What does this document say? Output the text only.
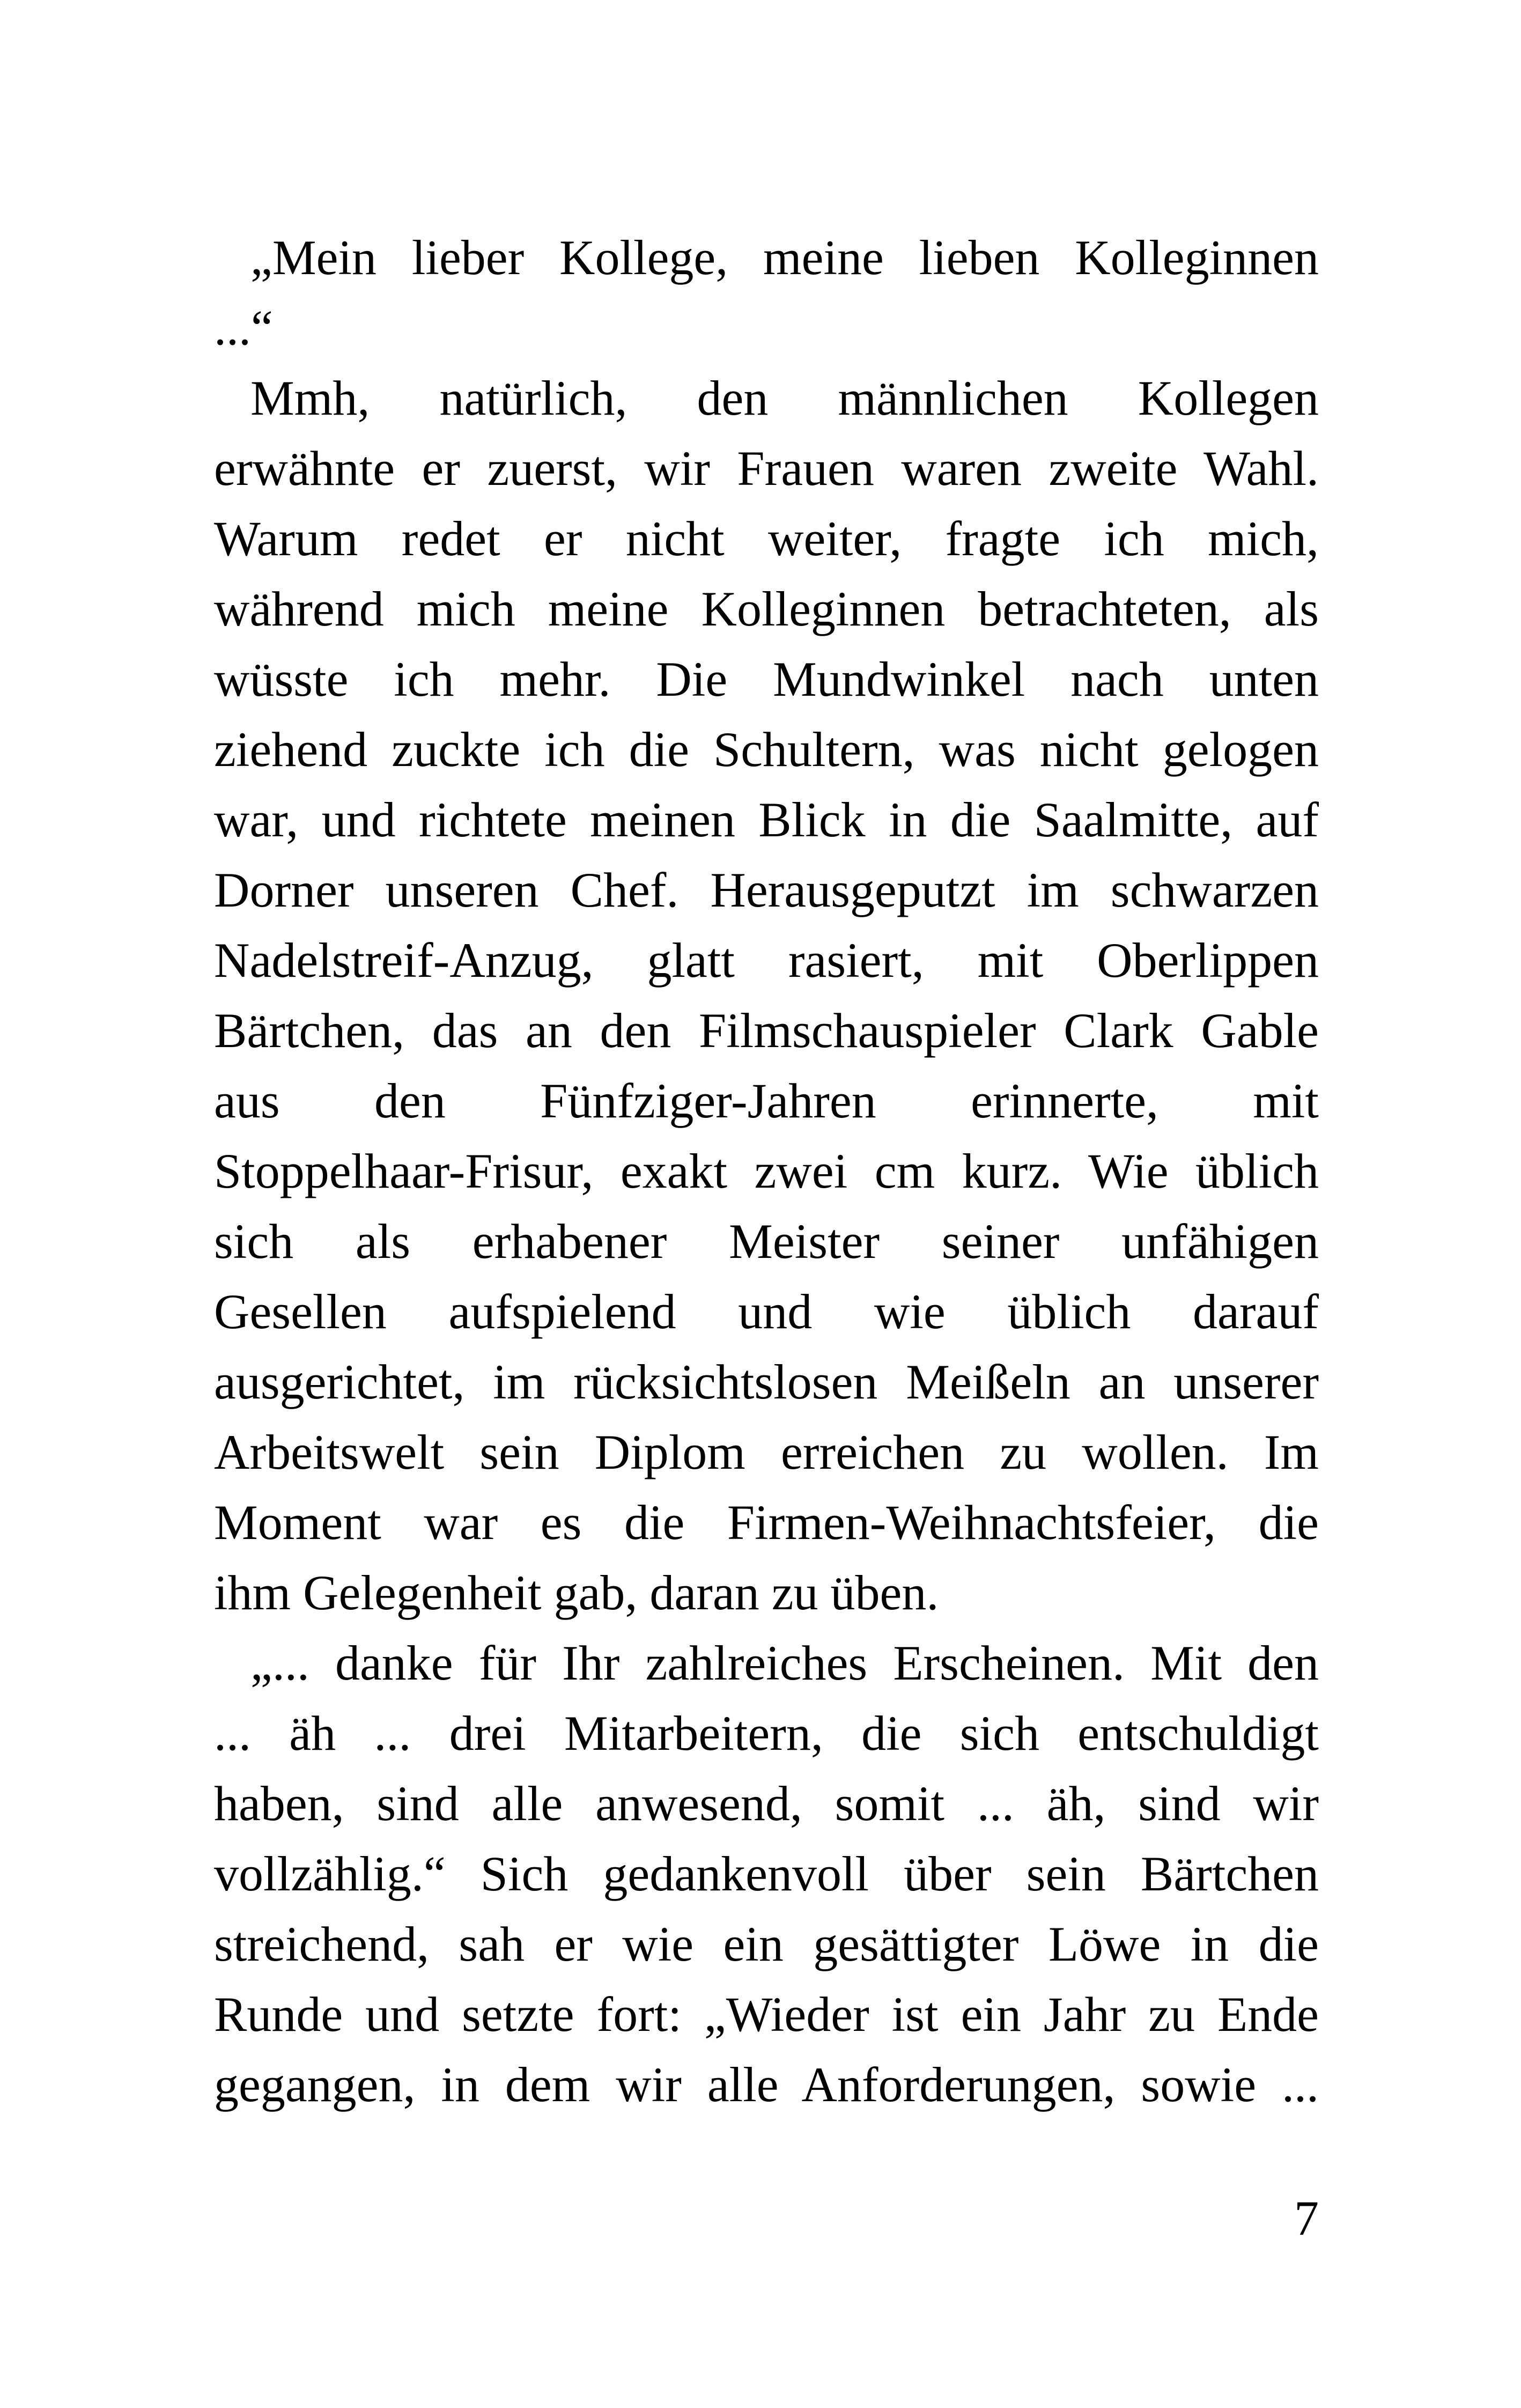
„Mein lieber Kollege, meine lieben Kolleginnen
...“
Mmh, natürlich, den männlichen Kollegen
erwähnte er zuerst, wir Frauen waren zweite Wahl.
Warum redet er nicht weiter, fragte ich mich,
während mich meine Kolleginnen betrachteten, als
wüsste ich mehr. Die Mundwinkel nach unten
ziehend zuckte ich die Schultern, was nicht gelogen
war, und richtete meinen Blick in die Saalmitte, auf
Dorner unseren Chef. Herausgeputzt im schwarzen
Nadelstreif-Anzug, glatt rasiert, mit Oberlippen
Bärtchen, das an den Filmschauspieler Clark Gable
aus den Fünfziger-Jahren erinnerte, mit
Stoppelhaar-Frisur, exakt zwei cm kurz. Wie üblich
sich als erhabener Meister seiner unfähigen
Gesellen aufspielend und wie üblich darauf
ausgerichtet, im rücksichtslosen Meißeln an unserer
Arbeitswelt sein Diplom erreichen zu wollen. Im
Moment war es die Firmen-Weihnachtsfeier, die
ihm Gelegenheit gab, daran zu üben.
„... danke für Ihr zahlreiches Erscheinen. Mit den
... äh ... drei Mitarbeitern, die sich entschuldigt
haben, sind alle anwesend, somit ... äh, sind wir
vollzählig.“ Sich gedankenvoll über sein Bärtchen
streichend, sah er wie ein gesättigter Löwe in die
Runde und setzte fort: „Wieder ist ein Jahr zu Ende
gegangen, in dem wir alle Anforderungen, sowie ...
7
